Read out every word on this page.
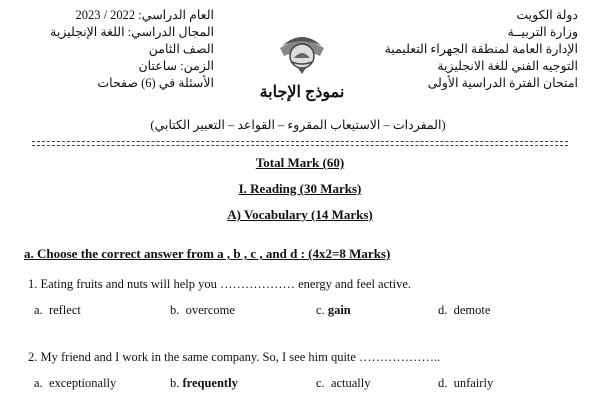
العام الدراسي: 2022 / 2023
المجال الدراسي: اللغة الإنجليزية
الصف الثامن
الزمن: ساعتان
الأسئلة في (6) صفحات
دولة الكويت
وزارة التربيــة
الإدارة العامة لمنطقة الجهراء التعليمية
التوجيه الفني للغة الانجليزية
امتحان الفترة الدراسية الأولى
نموذج الإجابة
(المفردات – الاستيعاب المقروء – القواعد – التعبير الكتابي)
Total Mark (60)
I. Reading (30 Marks)
A) Vocabulary (14 Marks)
a. Choose the correct answer from a , b , c , and d : (4x2=8 Marks)
1. Eating fruits and nuts will help you ……………… energy and feel active.
a. reflect	b. overcome	c. gain	d. demote
2. My friend and I work in the same company. So, I see him quite ………………..
a. exceptionally	b. frequently	c. actually	d. unfairly
